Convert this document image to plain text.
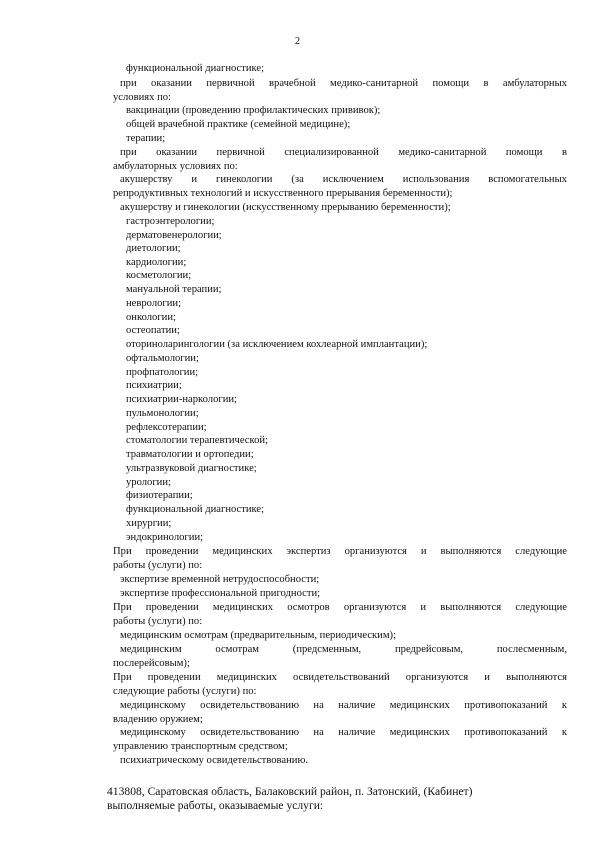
2
функциональной диагностике;
при оказании первичной врачебной медико-санитарной помощи в амбулаторных
условиях по:
вакцинации (проведению профилактических прививок);
общей врачебной практике (семейной медицине);
терапии;
при оказании первичной специализированной медико-санитарной помощи в
амбулаторных условиях по:
акушерству и гинекологии (за исключением использования вспомогательных
репродуктивных технологий и искусственного прерывания беременности);
акушерству и гинекологии (искусственному прерыванию беременности);
гастроэнтерологии;
дерматовенерологии;
диетологии;
кардиологии;
косметологии;
мануальной терапии;
неврологии;
онкологии;
остеопатии;
оториноларингологии (за исключением кохлеарной имплантации);
офтальмологии;
профпатологии;
психиатрии;
психиатрии-наркологии;
пульмонологии;
рефлексотерапии;
стоматологии терапевтической;
травматологии и ортопедии;
ультразвуковой диагностике;
урологии;
физиотерапии;
функциональной диагностике;
хирургии;
эндокринологии;
При проведении медицинских экспертиз организуются и выполняются следующие
работы (услуги) по:
экспертизе временной нетрудоспособности;
экспертизе профессиональной пригодности;
При проведении медицинских осмотров организуются и выполняются следующие
работы (услуги) по:
медицинским осмотрам (предварительным, периодическим);
медицинским осмотрам (предсменным, предрейсовым, послесменным,
послерейсовым);
При проведении медицинских освидетельствований организуются и выполняются
следующие работы (услуги) по:
медицинскому освидетельствованию на наличие медицинских противопоказаний к
владению оружием;
медицинскому освидетельствованию на наличие медицинских противопоказаний к
управлению транспортным средством;
психиатрическому освидетельствованию.
413808, Саратовская область, Балаковский район, п. Затонский, (Кабинет)
выполняемые работы, оказываемые услуги:
